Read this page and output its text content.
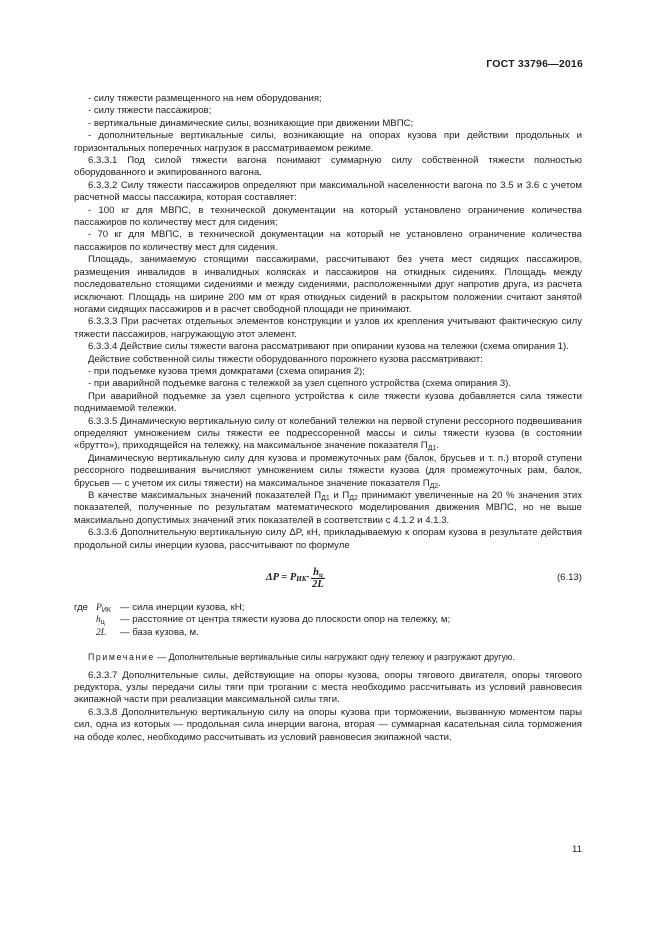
ГОСТ 33796—2016

- силу тяжести размещенного на нем оборудования;

- силу тяжести пассажиров;

- вертикальные динамические силы, возникающие при движении МВПС;

- дополнительные вертикальные силы, возникающие на опорах кузова при действии продольных и горизонтальных поперечных нагрузок в рассматриваемом режиме.

6.3.3.1 Под силой тяжести вагона понимают суммарную силу собственной тяжести полностью оборудованного и экипированного вагона.

6.3.3.2 Силу тяжести пассажиров определяют при максимальной населенности вагона по 3.5 и 3.6 с учетом расчетной массы пассажира, которая составляет:

- 100 кг для МВПС, в технической документации на который установлено ограничение количества пассажиров по количеству мест для сидения;

- 70 кг для МВПС, в технической документации на который не установлено ограничение количества пассажиров по количеству мест для сидения.

Площадь, занимаемую стоящими пассажирами, рассчитывают без учета мест сидящих пассажиров, размещения инвалидов в инвалидных колясках и пассажиров на откидных сидениях. Площадь между последовательно стоящими сидениями и между сидениями, расположенными друг напротив друга, из расчета исключают. Площадь на ширине 200 мм от края откидных сидений в раскрытом положении считают занятой ногами сидящих пассажиров и в расчет свободной площади не принимают.

6.3.3.3 При расчетах отдельных элементов конструкции и узлов их крепления учитывают фактическую силу тяжести пассажиров, нагружающую этот элемент.

6.3.3.4 Действие силы тяжести вагона рассматривают при опирании кузова на тележки (схема опирания 1).

Действие собственной силы тяжести оборудованного порожнего кузова рассматривают:

- при подъемке кузова тремя домкратами (схема опирания 2);

- при аварийной подъемке вагона с тележкой за узел сцепного устройства (схема опирания 3).

При аварийной подъемке за узел сцепного устройства к силе тяжести кузова добавляется сила тяжести поднимаемой тележки.

6.3.3.5 Динамическую вертикальную силу от колебаний тележки на первой ступени рессорного подвешивания определяют умножением силы тяжести ее подрессоренной массы и силы тяжести кузова (в состоянии «брутто»), приходящейся на тележку, на максимальное значение показателя $П_{Д1}$.

Динамическую вертикальную силу для кузова и промежуточных рам (балок, брусьев и т. п.) второй ступени рессорного подвешивания вычисляют умножением силы тяжести кузова (для промежуточных рам, балок, брусьев — с учетом их силы тяжести) на максимальное значение показателя $П_{Д2}$.

В качестве максимальных значений показателей $П_{Д1}$ и $П_{Д2}$ принимают увеличенные на 20 % значения этих показателей, полученные по результатам математического моделирования движения МВПС, но не выше максимально допустимых значений этих показателей в соответствии с 4.1.2 и 4.1.3.

6.3.3.6 Дополнительную вертикальную силу ΔP, кН, прикладываемую к опорам кузова в результате действия продольной силы инерции кузова, рассчитывают по формуле

ΔP = P ИК · $\frac{h_ц}{2L}$	(6.13)
где $P_{ИК}$ — сила инерции кузова, кН;
$h_ц$	— расстояние от центра тяжести кузова до плоскости опор на тележку, м;
2L	— база кузова, м.

Примечание — Дополнительные вертикальные силы нагружают одну тележку и разгружают другую.

6.3.3.7 Дополнительные силы, действующие на опоры кузова, опоры тягового двигателя, опоры тягового редуктора, узлы передачи силы тяги при трогании с места необходимо рассчитывать из условий равновесия экипажной части при реализации максимальной силы тяги.

6.3.3.8 Дополнительную вертикальную силу на опоры кузова при торможении, вызванную моментом пары сил, одна из которых — продольная сила инерции вагона, вторая — суммарная касательная сила торможения на ободе колес, необходимо рассчитывать из условий равновесия экипажной части.

11
